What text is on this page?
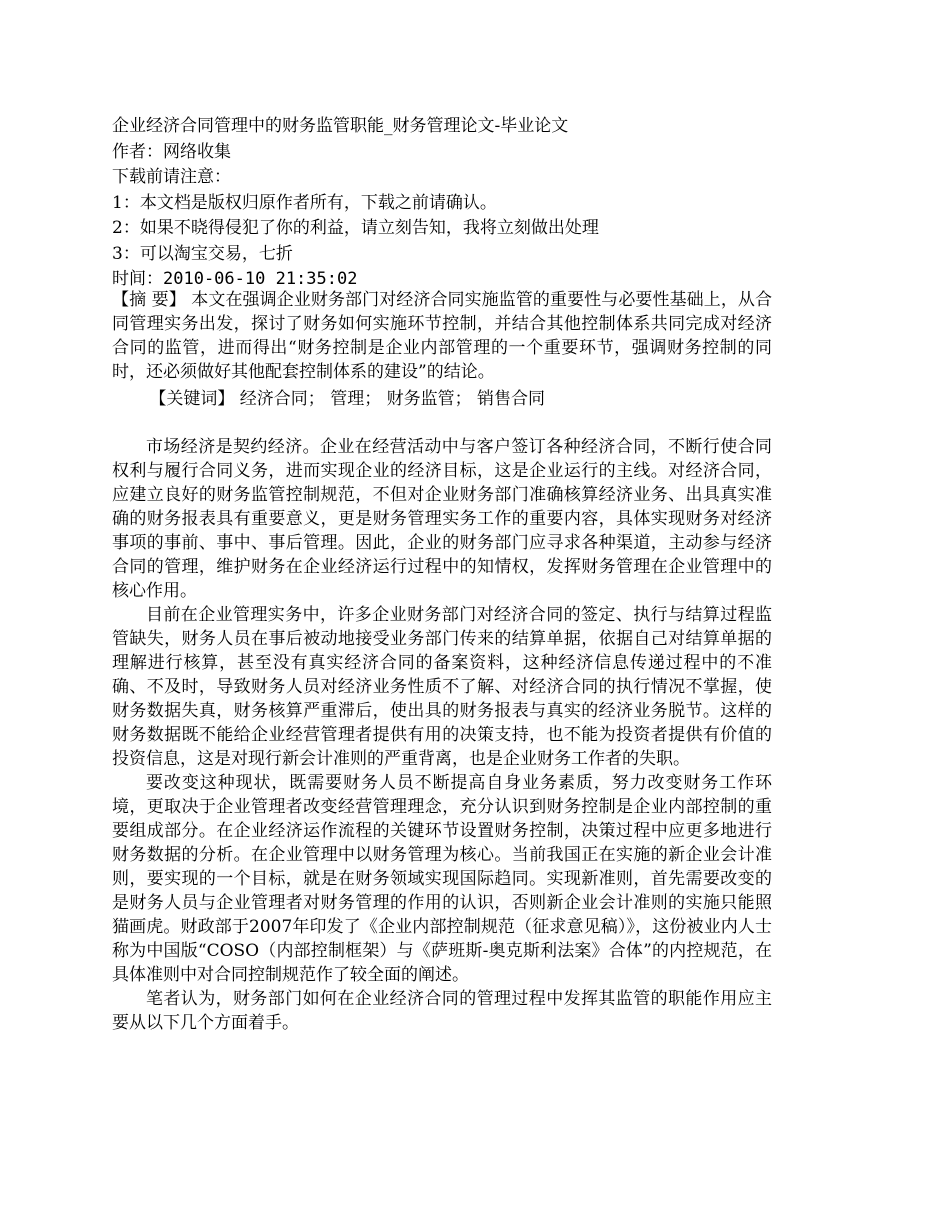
企业经济合同管理中的财务监管职能_财务管理论文-毕业论文
作者：网络收集
下载前请注意：
1：本文档是版权归原作者所有，下载之前请确认。
2：如果不晓得侵犯了你的利益，请立刻告知，我将立刻做出处理
3：可以淘宝交易，七折
时间：2010-06-10 21:35:02

【摘 要】 本文在强调企业财务部门对经济合同实施监管的重要性与必要性基础上，从合同管理实务出发，探讨了财务如何实施环节控制，并结合其他控制体系共同完成对经济合同的监管，进而得出“财务控制是企业内部管理的一个重要环节，强调财务控制的同时，还必须做好其他配套控制体系的建设”的结论。

【关键词】 经济合同； 管理； 财务监管； 销售合同

市场经济是契约经济。企业在经营活动中与客户签订各种经济合同，不断行使合同权利与履行合同义务，进而实现企业的经济目标，这是企业运行的主线。对经济合同，应建立良好的财务监管控制规范，不但对企业财务部门准确核算经济业务、出具真实准确的财务报表具有重要意义，更是财务管理实务工作的重要内容，具体实现财务对经济事项的事前、事中、事后管理。因此，企业的财务部门应寻求各种渠道，主动参与经济合同的管理，维护财务在企业经济运行过程中的知情权，发挥财务管理在企业管理中的核心作用。

目前在企业管理实务中，许多企业财务部门对经济合同的签定、执行与结算过程监管缺失，财务人员在事后被动地接受业务部门传来的结算单据，依据自己对结算单据的理解进行核算，甚至没有真实经济合同的备案资料，这种经济信息传递过程中的不准确、不及时，导致财务人员对经济业务性质不了解、对经济合同的执行情况不掌握，使财务数据失真，财务核算严重滞后，使出具的财务报表与真实的经济业务脱节。这样的财务数据既不能给企业经营管理者提供有用的决策支持，也不能为投资者提供有价值的投资信息，这是对现行新会计准则的严重背离，也是企业财务工作者的失职。

要改变这种现状，既需要财务人员不断提高自身业务素质，努力改变财务工作环境，更取决于企业管理者改变经营管理理念，充分认识到财务控制是企业内部控制的重要组成部分。在企业经济运作流程的关键环节设置财务控制，决策过程中应更多地进行财务数据的分析。在企业管理中以财务管理为核心。当前我国正在实施的新企业会计准则，要实现的一个目标，就是在财务领域实现国际趋同。实现新准则，首先需要改变的是财务人员与企业管理者对财务管理的作用的认识，否则新企业会计准则的实施只能照猫画虎。财政部于2007年印发了《企业内部控制规范（征求意见稿）》，这份被业内人士称为中国版“COSO（内部控制框架）与《萨班斯-奥克斯利法案》合体”的内控规范，在具体准则中对合同控制规范作了较全面的阐述。

笔者认为，财务部门如何在企业经济合同的管理过程中发挥其监管的职能作用应主要从以下几个方面着手。
